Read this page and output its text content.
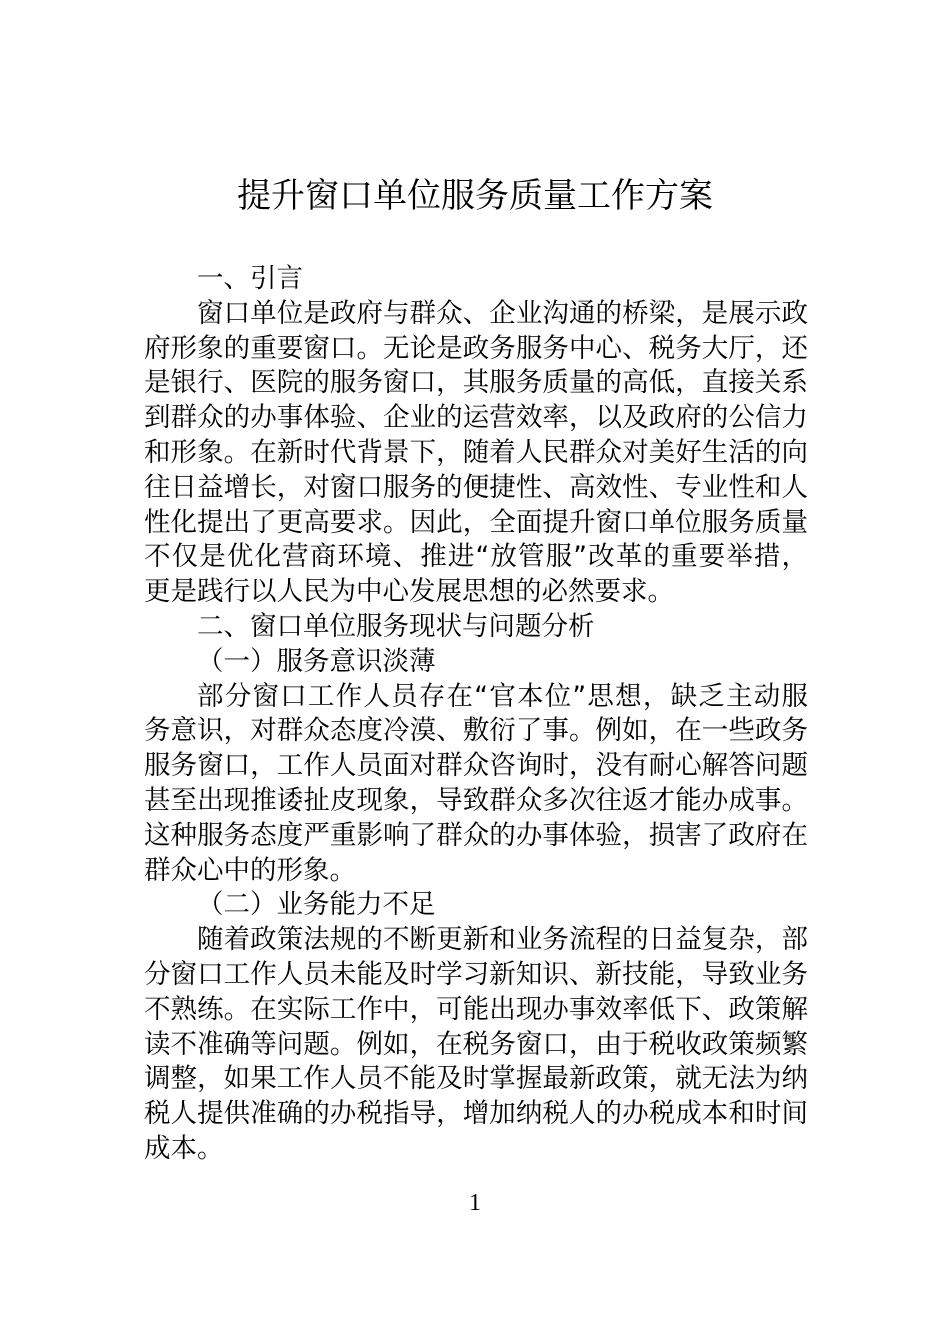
提升窗口单位服务质量工作方案
一、引言
窗口单位是政府与群众、企业沟通的桥梁，是展示政
府形象的重要窗口。无论是政务服务中心、税务大厅，还
是银行、医院的服务窗口，其服务质量的高低，直接关系
到群众的办事体验、企业的运营效率，以及政府的公信力
和形象。在新时代背景下，随着人民群众对美好生活的向
往日益增长，对窗口服务的便捷性、高效性、专业性和人
性化提出了更高要求。因此，全面提升窗口单位服务质量
不仅是优化营商环境、推进“放管服”改革的重要举措，
更是践行以人民为中心发展思想的必然要求。
二、窗口单位服务现状与问题分析
（一）服务意识淡薄
部分窗口工作人员存在“官本位”思想，缺乏主动服
务意识，对群众态度冷漠、敷衍了事。例如，在一些政务
服务窗口，工作人员面对群众咨询时，没有耐心解答问题
甚至出现推诿扯皮现象，导致群众多次往返才能办成事。
这种服务态度严重影响了群众的办事体验，损害了政府在
群众心中的形象。
（二）业务能力不足
随着政策法规的不断更新和业务流程的日益复杂，部
分窗口工作人员未能及时学习新知识、新技能，导致业务
不熟练。在实际工作中，可能出现办事效率低下、政策解
读不准确等问题。例如，在税务窗口，由于税收政策频繁
调整，如果工作人员不能及时掌握最新政策，就无法为纳
税人提供准确的办税指导，增加纳税人的办税成本和时间
成本。
1
